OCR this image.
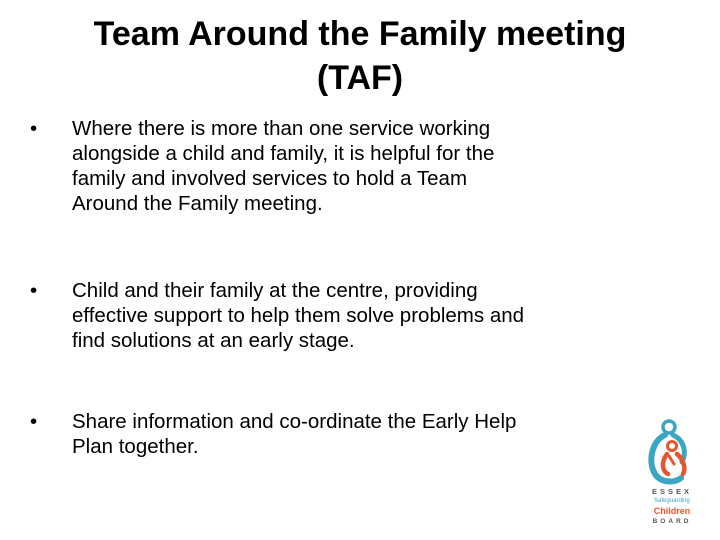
Team Around the Family meeting
(TAF)
•	Where there is more than one service working
alongside a child and family, it is helpful for the
family and involved services to hold a Team
Around the Family meeting.
•	Child and their family at the centre, providing
effective support to help them solve problems and
find solutions at an early stage.
•	Share information and co-ordinate the Early Help
Plan together.
ESSEX
Safeguarding
Children
BOARD
